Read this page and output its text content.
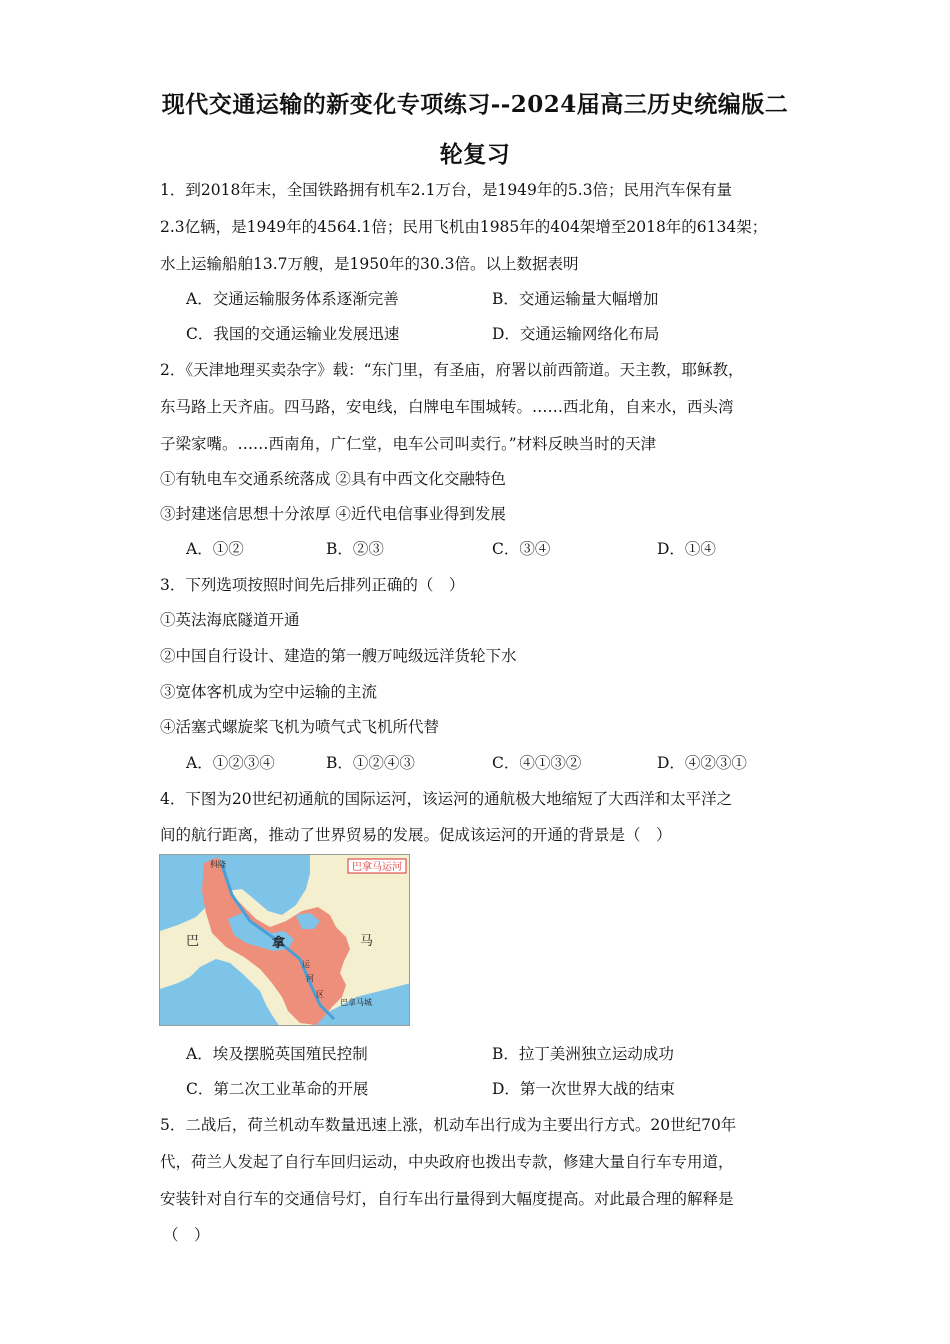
现代交通运输的新变化专项练习--2024届高三历史统编版二
轮复习
1．到2018年末，全国铁路拥有机车2.1万台，是1949年的5.3倍；民用汽车保有量
2.3亿辆，是1949年的4564.1倍；民用飞机由1985年的404架增至2018年的6134架；
水上运输船舶13.7万艘，是1950年的30.3倍。以上数据表明
A．交通运输服务体系逐渐完善	B．交通运输量大幅增加
C．我国的交通运输业发展迅速	D．交通运输网络化布局
2．《天津地理买卖杂字》载：“东门里，有圣庙，府署以前西箭道。天主教，耶稣教，
东马路上天齐庙。四马路，安电线，白牌电车围城转。……西北角，自来水，西头湾
子梁家嘴。……西南角，广仁堂，电车公司叫卖行。”材料反映当时的天津
①有轨电车交通系统落成 ②具有中西文化交融特色
③封建迷信思想十分浓厚 ④近代电信事业得到发展
A．①②	B．②③	C．③④	D．①④
3．下列选项按照时间先后排列正确的（　）
①英法海底隧道开通
②中国自行设计、建造的第一艘万吨级远洋货轮下水
③宽体客机成为空中运输的主流
④活塞式螺旋桨飞机为喷气式飞机所代替
A．①②③④	B．①②④③	C．④①③②	D．④②③①
4．下图为20世纪初通航的国际运河，该运河的通航极大地缩短了大西洋和太平洋之
间的航行距离，推动了世界贸易的发展。促成该运河的开通的背景是（　）
巴拿马运河
巴	拿	马
科隆
巴拿马城
运
河
区
A．埃及摆脱英国殖民控制	B．拉丁美洲独立运动成功
C．第二次工业革命的开展	D．第一次世界大战的结束
5．二战后，荷兰机动车数量迅速上涨，机动车出行成为主要出行方式。20世纪70年
代，荷兰人发起了自行车回归运动，中央政府也拨出专款，修建大量自行车专用道，
安装针对自行车的交通信号灯，自行车出行量得到大幅度提高。对此最合理的解释是
（　）
